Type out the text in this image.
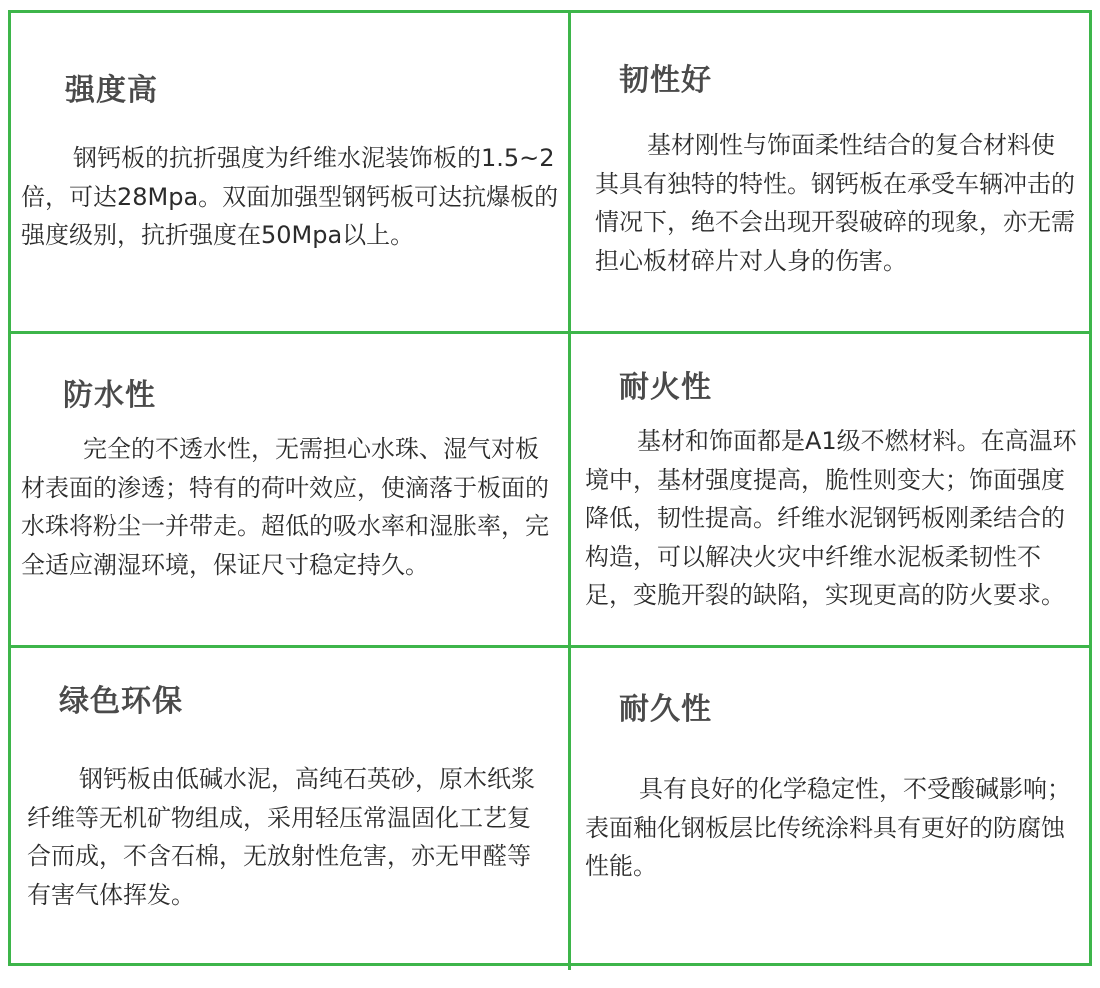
强度高
钢钙板的抗折强度为纤维水泥装饰板的1.5~2倍，可达28Mpa。双面加强型钢钙板可达抗爆板的强度级别，抗折强度在50Mpa以上。
韧性好
基材刚性与饰面柔性结合的复合材料使其具有独特的特性。钢钙板在承受车辆冲击的情况下，绝不会出现开裂破碎的现象，亦无需担心板材碎片对人身的伤害。
防水性
完全的不透水性，无需担心水珠、湿气对板材表面的渗透；特有的荷叶效应，使滴落于板面的水珠将粉尘一并带走。超低的吸水率和湿胀率，完全适应潮湿环境，保证尺寸稳定持久。
耐火性
基材和饰面都是A1级不燃材料。在高温环境中，基材强度提高，脆性则变大；饰面强度降低，韧性提高。纤维水泥钢钙板刚柔结合的构造，可以解决火灾中纤维水泥板柔韧性不足，变脆开裂的缺陷，实现更高的防火要求。
绿色环保
钢钙板由低碱水泥，高纯石英砂，原木纸浆纤维等无机矿物组成，采用轻压常温固化工艺复合而成，不含石棉，无放射性危害，亦无甲醛等有害气体挥发。
耐久性
具有良好的化学稳定性，不受酸碱影响；表面釉化钢板层比传统涂料具有更好的防腐蚀性能。
